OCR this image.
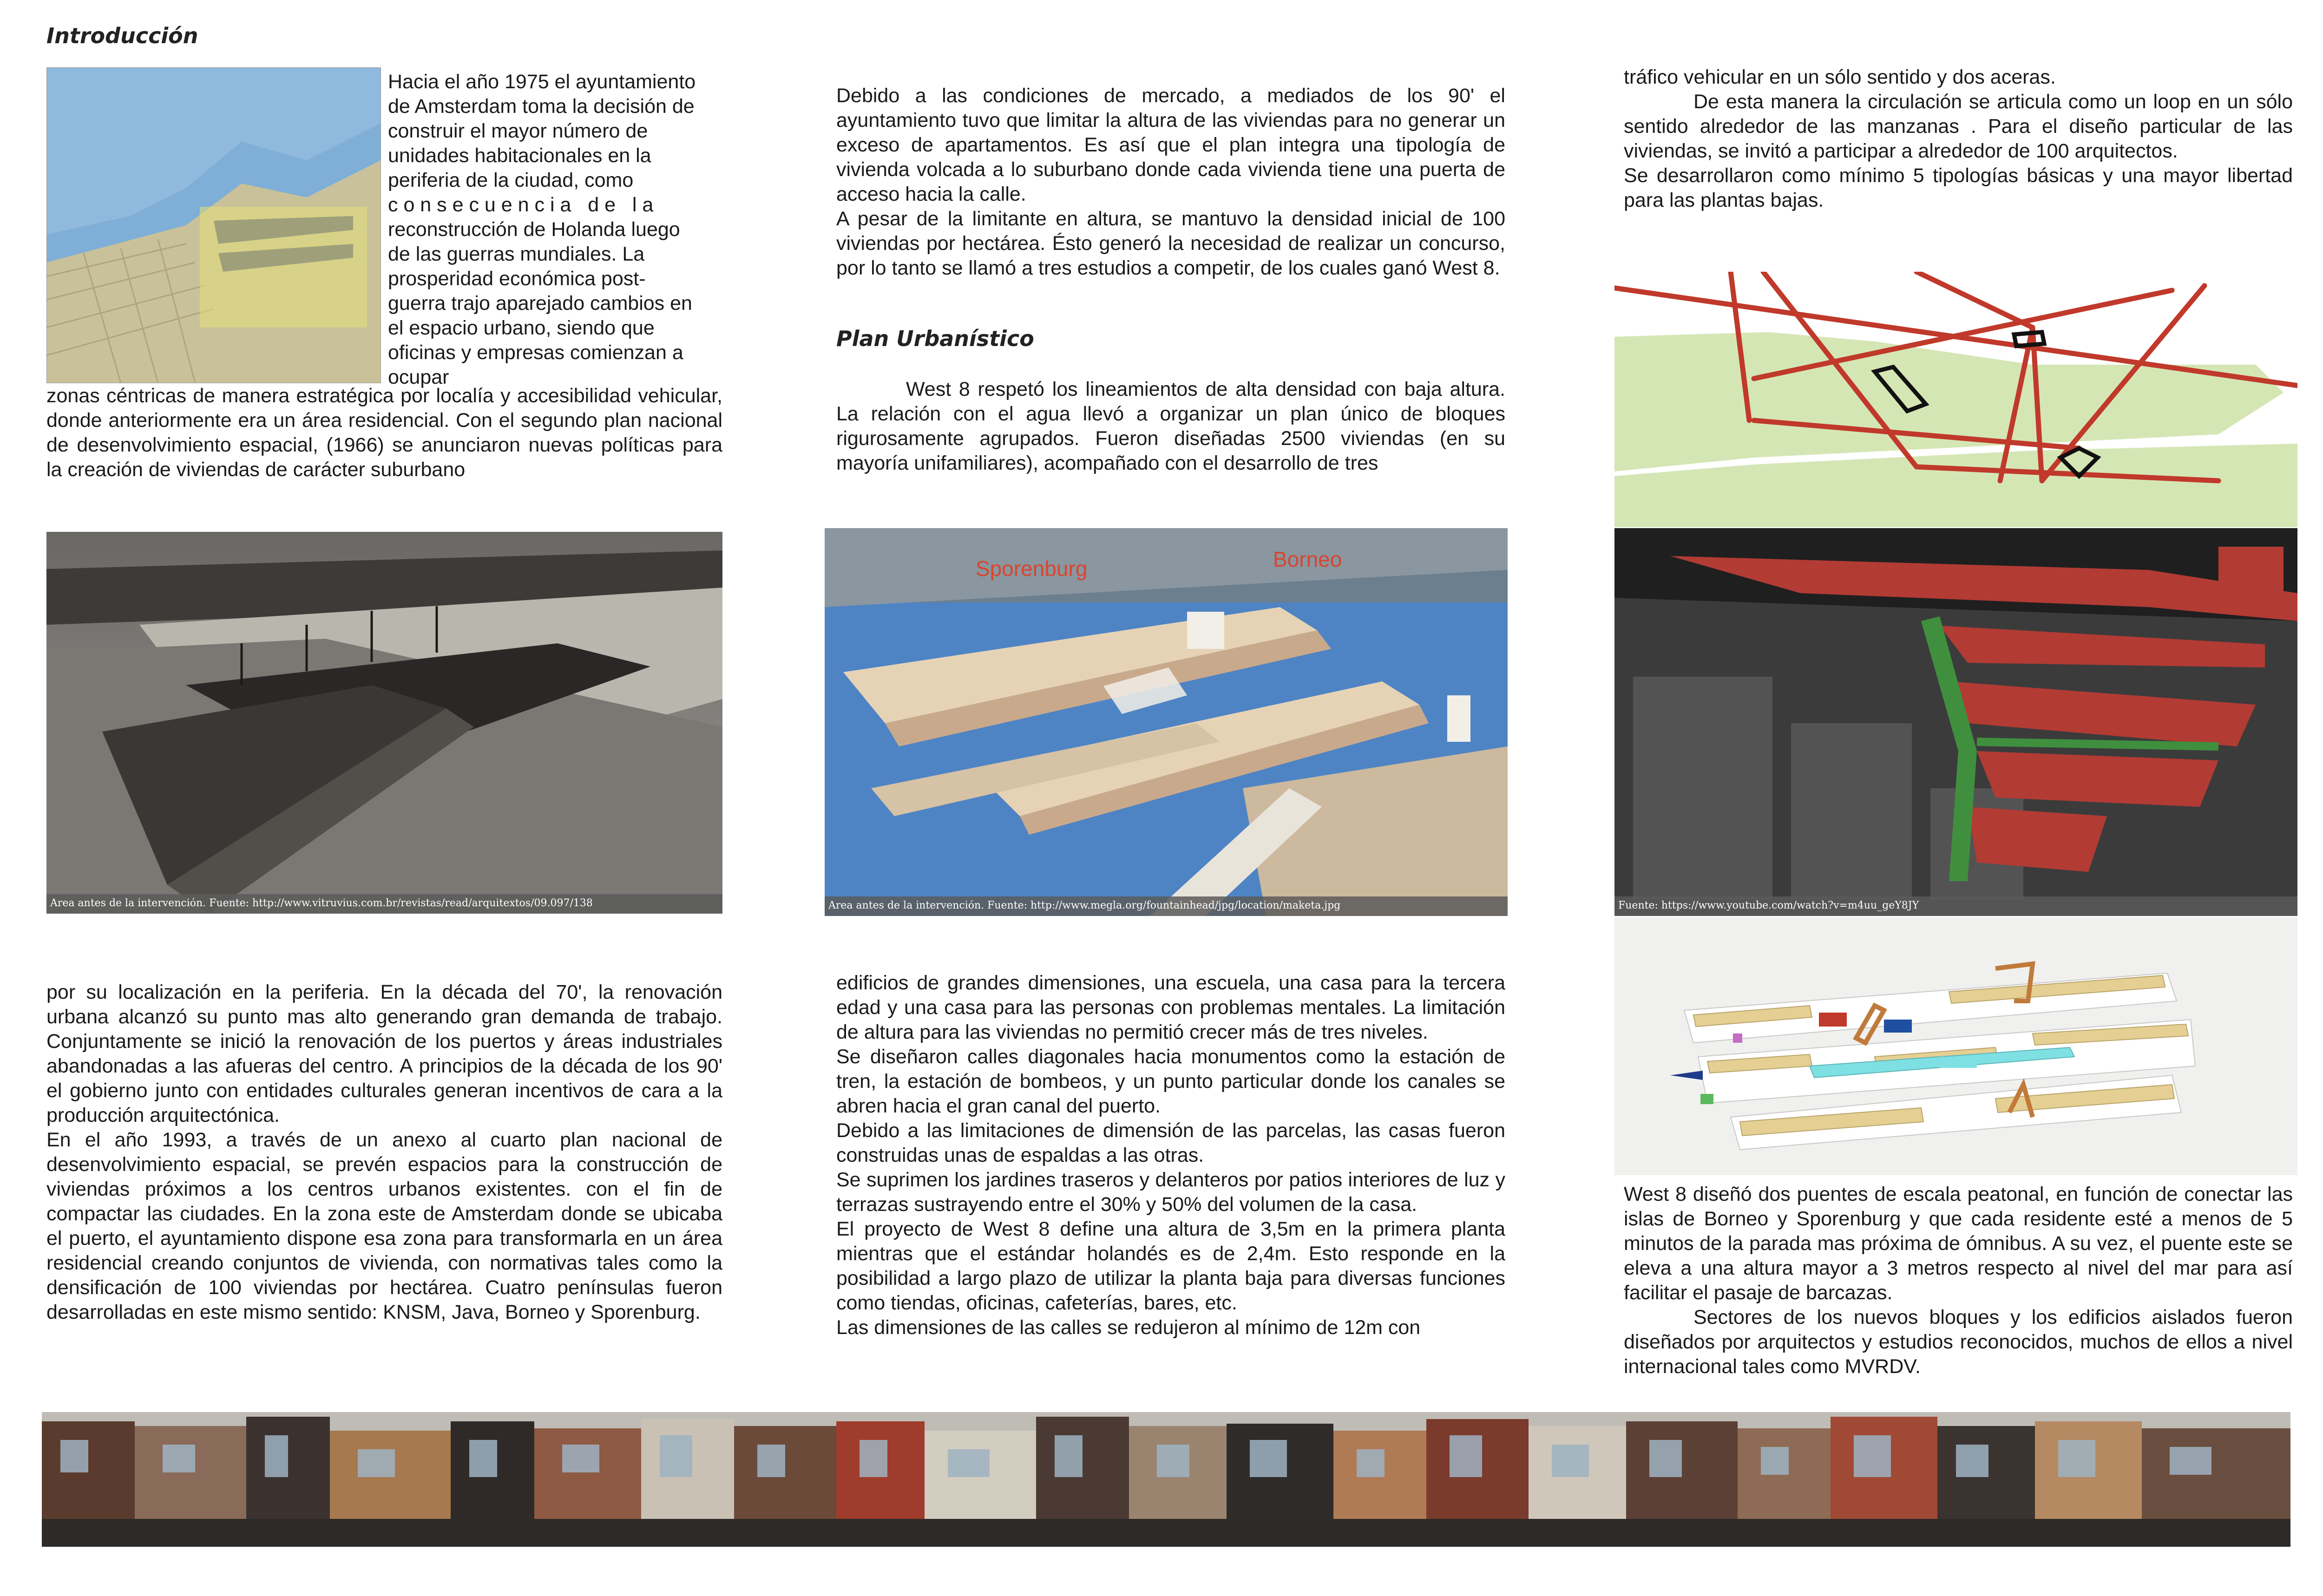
Introducción
Hacia el año 1975 el ayuntamiento
de Amsterdam toma la decisión de
construir el mayor número de
unidades habitacionales en la
periferia de la ciudad, como
c o n s e c u e n c i a   d e   l a
reconstrucción de Holanda luego
de las guerras mundiales. La
prosperidad económica post-
guerra trajo aparejado cambios en
el espacio urbano, siendo que
oficinas y empresas comienzan a
ocupar

zonas céntricas de manera estratégica por localía y accesibilidad vehicular, donde anteriormente era un área residencial. Con el segundo plan nacional de desenvolvimiento espacial, (1966) se anunciaron nuevas políticas para la creación de viviendas de carácter suburbano

Area antes de la intervención. Fuente: http://www.vitruvius.com.br/revistas/read/arquitextos/09.097/138

por su localización en la periferia. En la década del 70', la renovación urbana alcanzó su punto mas alto generando gran demanda de trabajo. Conjuntamente se inició la renovación de los puertos y áreas industriales abandonadas a las afueras del centro. A principios de la década de los 90' el gobierno junto con entidades culturales generan incentivos de cara a la producción arquitectónica.

En el año 1993, a través de un anexo al cuarto plan nacional de desenvolvimiento espacial, se prevén espacios para la construcción de viviendas próximos a los centros urbanos existentes. con el fin de compactar las ciudades. En la zona este de Amsterdam donde se ubicaba el puerto, el ayuntamiento dispone esa zona para transformarla en un área residencial creando conjuntos de vivienda, con normativas tales como la densificación de 100 viviendas por hectárea. Cuatro penínsulas fueron desarrolladas en este mismo sentido: KNSM, Java, Borneo y Sporenburg.

Debido a las condiciones de mercado, a mediados de los 90' el ayuntamiento tuvo que limitar la altura de las viviendas para no generar un exceso de apartamentos. Es así que el plan integra una tipología de vivienda volcada a lo suburbano donde cada vivienda tiene una puerta de acceso hacia la calle.

A pesar de la limitante en altura, se mantuvo la densidad inicial de 100 viviendas por hectárea. Ésto generó la necesidad de realizar un concurso, por lo tanto se llamó a tres estudios a competir, de los cuales ganó West 8.

Plan Urbanístico

West 8 respetó los lineamientos de alta densidad con baja altura. La relación con el agua llevó a organizar un plan único de bloques rigurosamente agrupados. Fueron diseñadas 2500 viviendas (en su mayoría unifamiliares), acompañado con el desarrollo de tres

Sporenburg	Borneo
Area antes de la intervención. Fuente: http://www.megla.org/fountainhead/jpg/location/maketa.jpg

edificios de grandes dimensiones, una escuela, una casa para la tercera edad y una casa para las personas con problemas mentales. La limitación de altura para las viviendas no permitió crecer más de tres niveles.

Se diseñaron calles diagonales hacia monumentos como la estación de tren, la estación de bombeos, y un punto particular donde los canales se abren hacia el gran canal del puerto.

Debido a las limitaciones de dimensión de las parcelas, las casas fueron construidas unas de espaldas a las otras.

Se suprimen los jardines traseros y delanteros por patios interiores de luz y terrazas sustrayendo entre el 30% y 50% del volumen de la casa.

El proyecto de West 8 define una altura de 3,5m en la primera planta mientras que el estándar holandés es de 2,4m. Esto responde en la posibilidad a largo plazo de utilizar la planta baja para diversas funciones como tiendas, oficinas, cafeterías, bares, etc.

Las dimensiones de las calles se redujeron al mínimo de 12m con

tráfico vehicular en un sólo sentido y dos aceras.

De esta manera la circulación se articula como un loop en un sólo sentido alrededor de las manzanas . Para el diseño particular de las viviendas, se invitó a participar a alrededor de 100 arquitectos.

Se desarrollaron como mínimo 5 tipologías básicas y una mayor libertad para las plantas bajas.

Fuente: https://www.youtube.com/watch?v=m4uu_geY8JY

West 8 diseñó dos puentes de escala peatonal, en función de conectar las islas de Borneo y Sporenburg y que cada residente esté a menos de 5 minutos de la parada mas próxima de ómnibus. A su vez, el puente este se eleva a una altura mayor a 3 metros respecto al nivel del mar para así facilitar el pasaje de barcazas.

Sectores de los nuevos bloques y los edificios aislados fueron diseñados por arquitectos y estudios reconocidos, muchos de ellos a nivel internacional tales como MVRDV.
